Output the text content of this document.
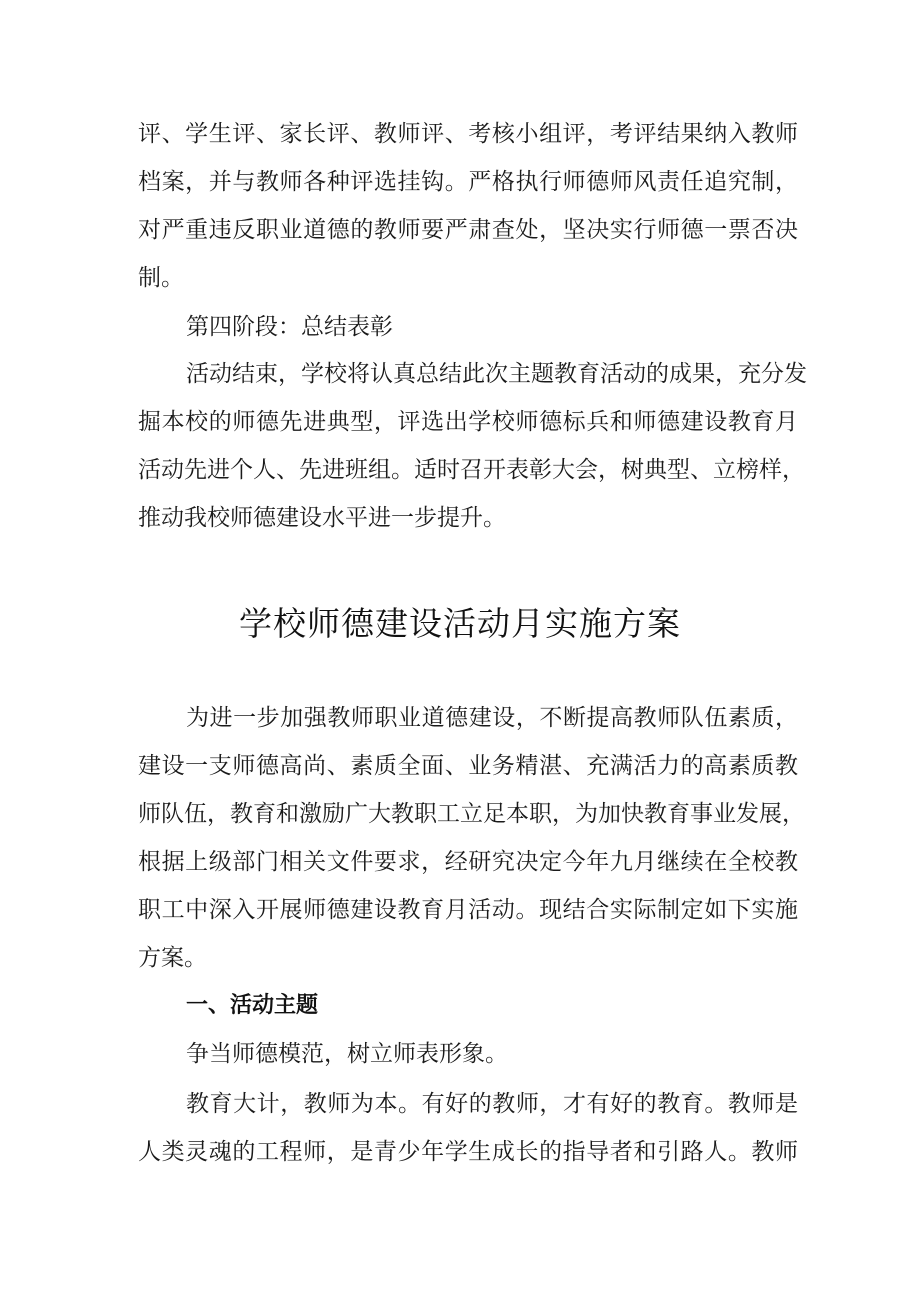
评、学生评、家长评、教师评、考核小组评，考评结果纳入教师
档案，并与教师各种评选挂钩。严格执行师德师风责任追究制，
对严重违反职业道德的教师要严肃查处，坚决实行师德一票否决
制。
第四阶段：总结表彰
活动结束，学校将认真总结此次主题教育活动的成果，充分发
掘本校的师德先进典型，评选出学校师德标兵和师德建设教育月
活动先进个人、先进班组。适时召开表彰大会，树典型、立榜样，
推动我校师德建设水平进一步提升。
学校师德建设活动月实施方案
为进一步加强教师职业道德建设，不断提高教师队伍素质，
建设一支师德高尚、素质全面、业务精湛、充满活力的高素质教
师队伍，教育和激励广大教职工立足本职，为加快教育事业发展，
根据上级部门相关文件要求，经研究决定今年九月继续在全校教
职工中深入开展师德建设教育月活动。现结合实际制定如下实施
方案。
一、活动主题
争当师德模范，树立师表形象。
教育大计，教师为本。有好的教师，才有好的教育。教师是
人类灵魂的工程师，是青少年学生成长的指导者和引路人。教师
